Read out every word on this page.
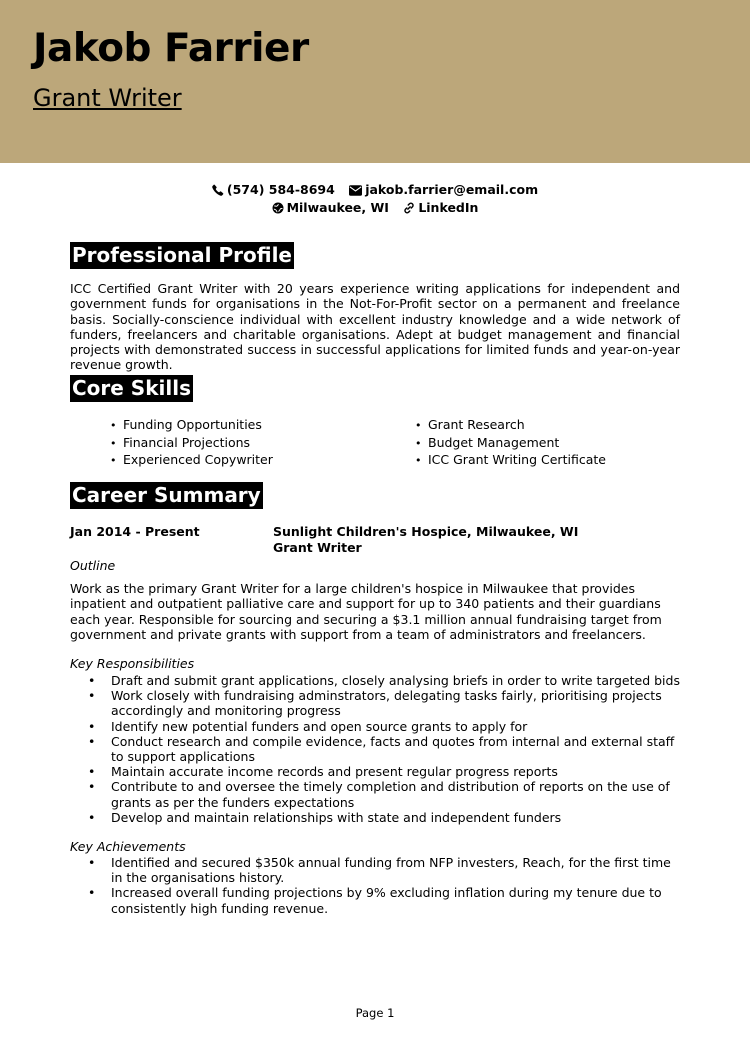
Jakob Farrier
Grant Writer
(574) 584-8694 jakob.farrier@email.com Milwaukee, WI LinkedIn
Professional Profile
ICC Certified Grant Writer with 20 years experience writing applications for independent and government funds for organisations in the Not-For-Profit sector on a permanent and freelance basis. Socially-conscience individual with excellent industry knowledge and a wide network of funders, freelancers and charitable organisations. Adept at budget management and financial projects with demonstrated success in successful applications for limited funds and year-on-year revenue growth.
Core Skills
• Funding Opportunities
• Financial Projections
• Experienced Copywriter
• Grant Research
• Budget Management
• ICC Grant Writing Certificate
Career Summary
Jan 2014 - Present	Sunlight Children's Hospice, Milwaukee, WI
Grant Writer
Outline
Work as the primary Grant Writer for a large children's hospice in Milwaukee that provides inpatient and outpatient palliative care and support for up to 340 patients and their guardians each year. Responsible for sourcing and securing a $3.1 million annual fundraising target from government and private grants with support from a team of administrators and freelancers.
Key Responsibilities
• Draft and submit grant applications, closely analysing briefs in order to write targeted bids
• Work closely with fundraising adminstrators, delegating tasks fairly, prioritising projects accordingly and monitoring progress
• Identify new potential funders and open source grants to apply for
• Conduct research and compile evidence, facts and quotes from internal and external staff to support applications
• Maintain accurate income records and present regular progress reports
• Contribute to and oversee the timely completion and distribution of reports on the use of grants as per the funders expectations
• Develop and maintain relationships with state and independent funders
Key Achievements
• Identified and secured $350k annual funding from NFP investers, Reach, for the first time in the organisations history.
• Increased overall funding projections by 9% excluding inflation during my tenure due to consistently high funding revenue.
Page 1
